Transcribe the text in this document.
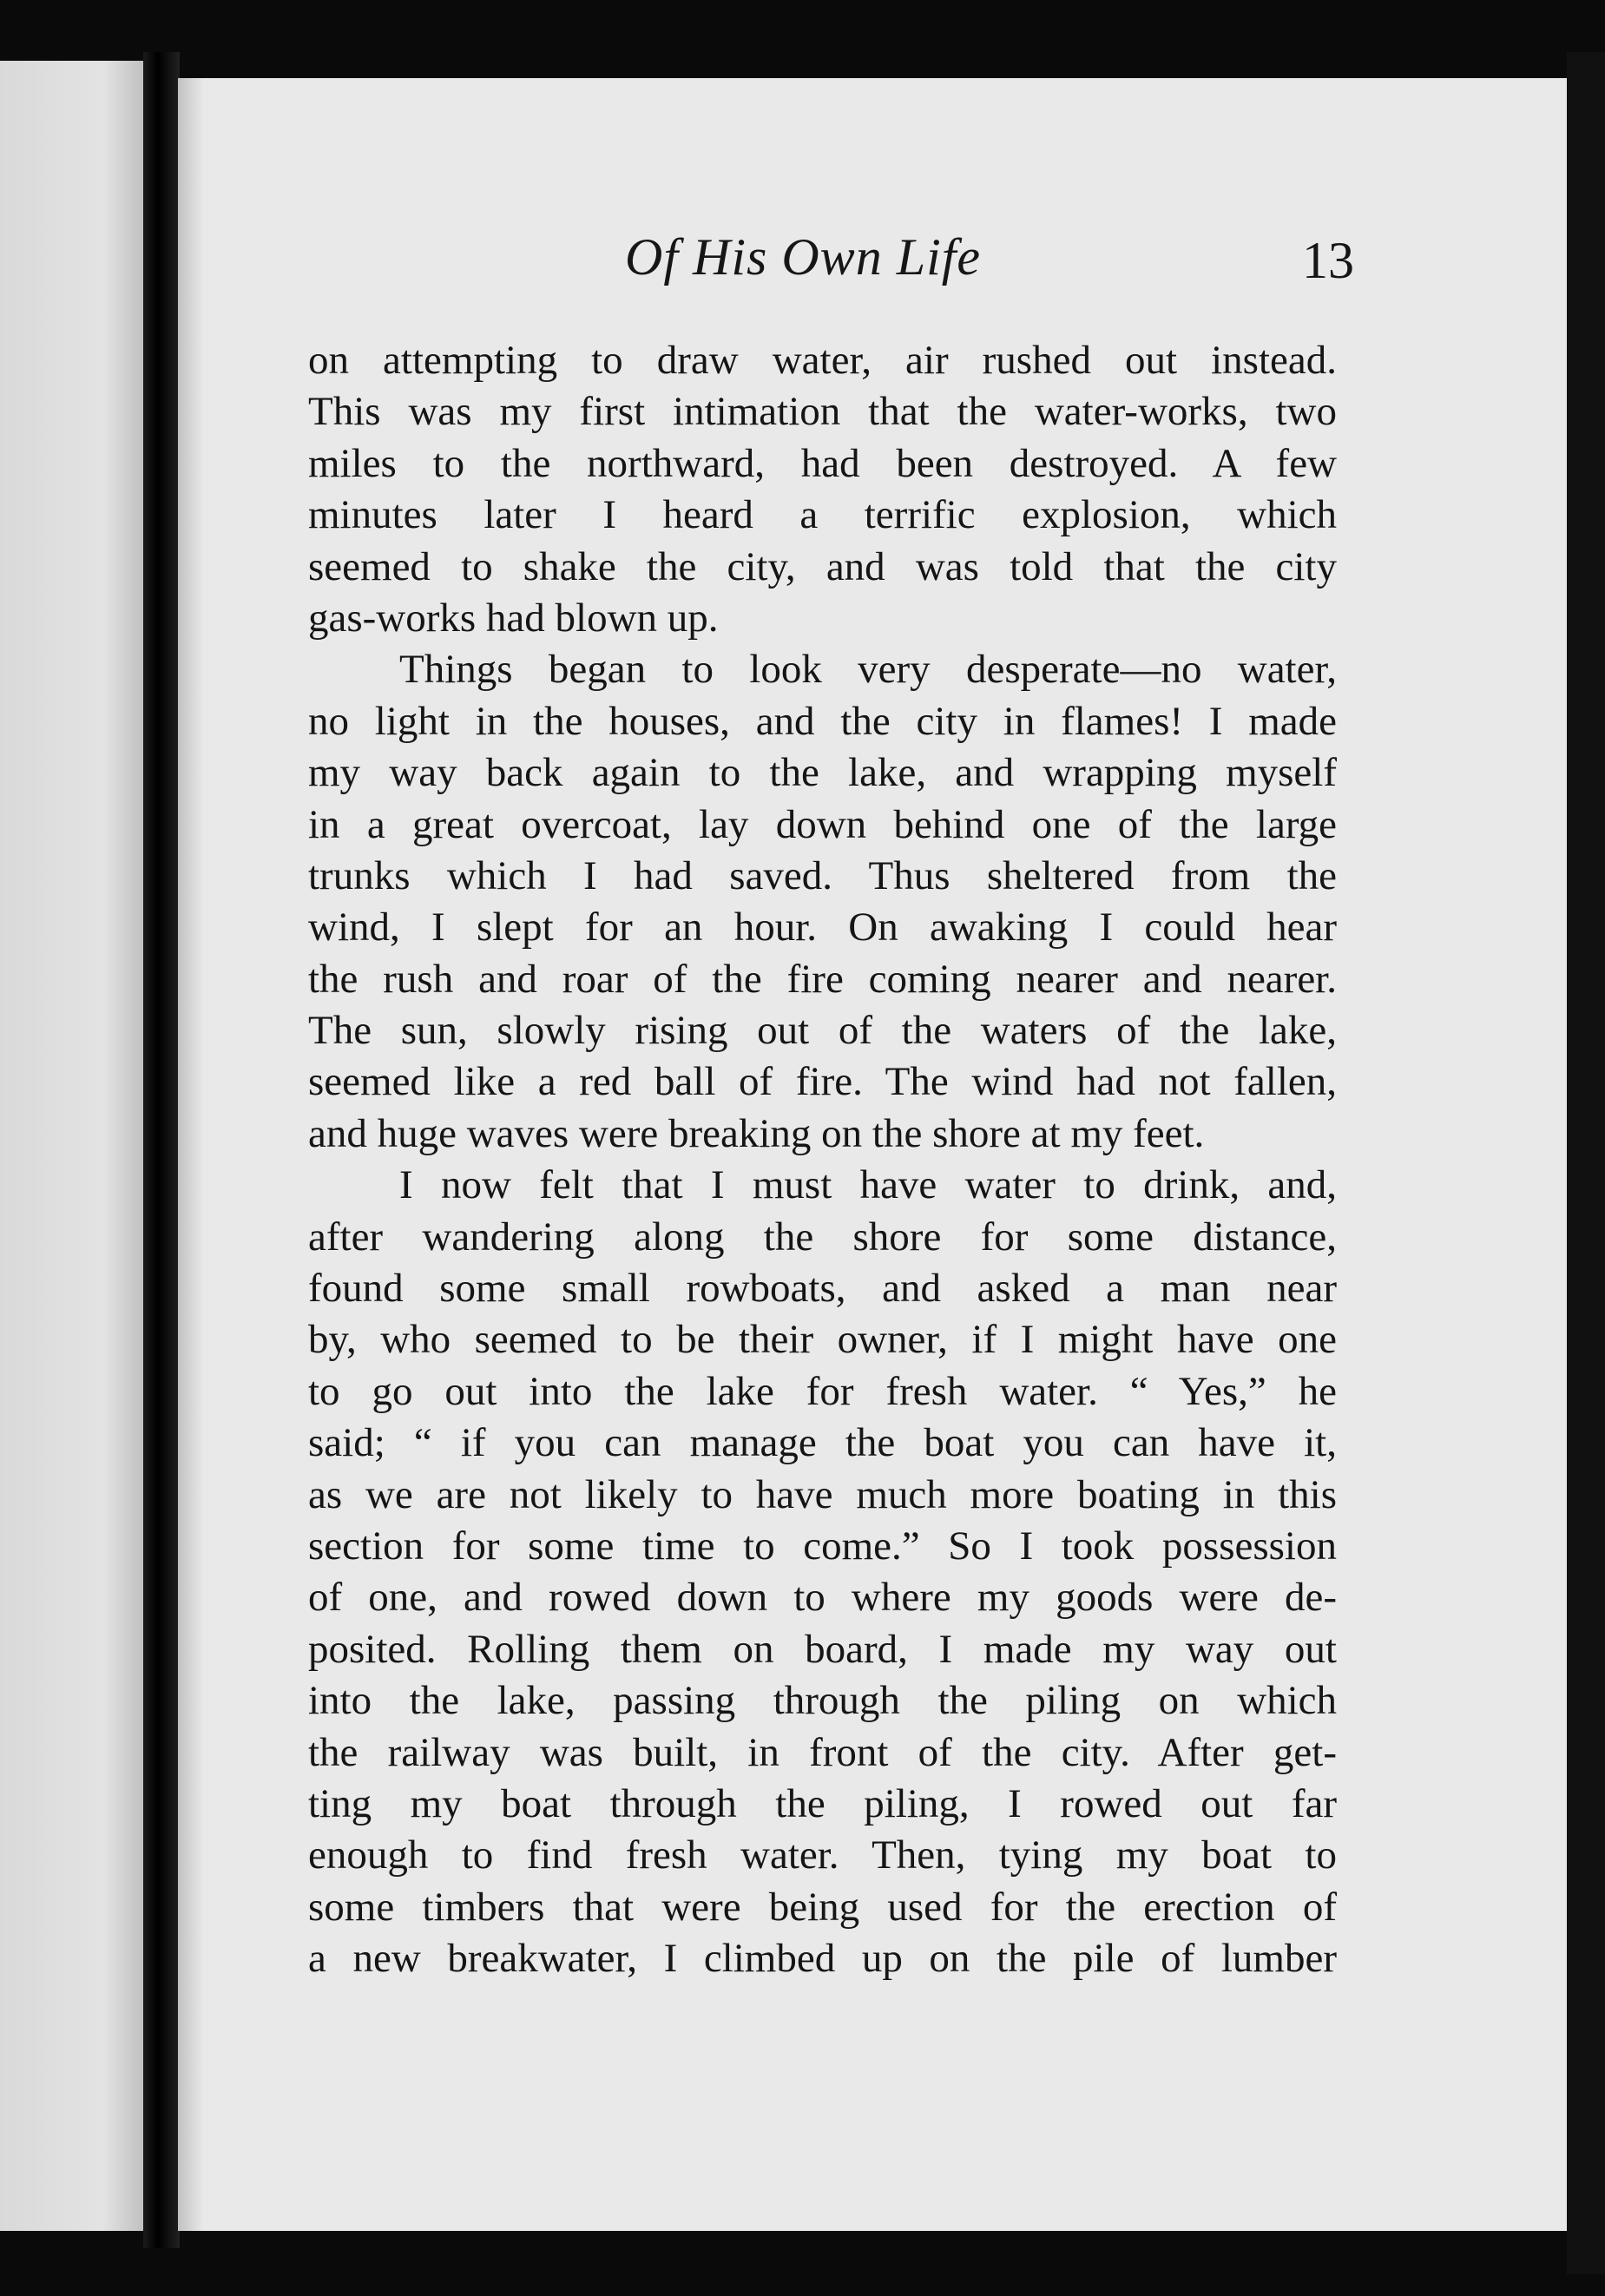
Of His Own Life	13
on attempting to draw water, air rushed out instead.
This was my first intimation that the water-works, two
miles to the northward, had been destroyed. A few
minutes later I heard a terrific explosion, which
seemed to shake the city, and was told that the city
gas-works had blown up.
Things began to look very desperate—no water,
no light in the houses, and the city in flames! I made
my way back again to the lake, and wrapping myself
in a great overcoat, lay down behind one of the large
trunks which I had saved. Thus sheltered from the
wind, I slept for an hour. On awaking I could hear
the rush and roar of the fire coming nearer and nearer.
The sun, slowly rising out of the waters of the lake,
seemed like a red ball of fire. The wind had not fallen,
and huge waves were breaking on the shore at my feet.
I now felt that I must have water to drink, and,
after wandering along the shore for some distance,
found some small rowboats, and asked a man near
by, who seemed to be their owner, if I might have one
to go out into the lake for fresh water. “ Yes,” he
said; “ if you can manage the boat you can have it,
as we are not likely to have much more boating in this
section for some time to come.” So I took possession
of one, and rowed down to where my goods were de-
posited. Rolling them on board, I made my way out
into the lake, passing through the piling on which
the railway was built, in front of the city. After get-
ting my boat through the piling, I rowed out far
enough to find fresh water. Then, tying my boat to
some timbers that were being used for the erection of
a new breakwater, I climbed up on the pile of lumber
